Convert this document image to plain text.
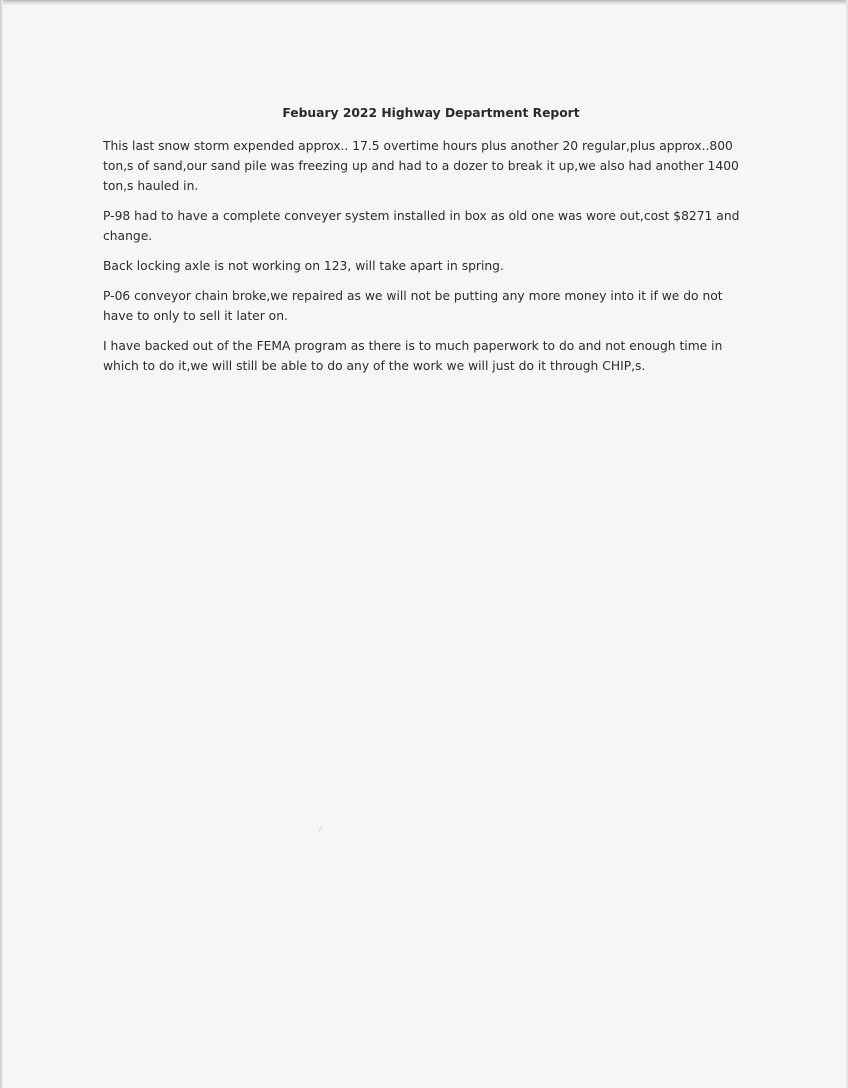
Febuary 2022 Highway Department Report

This last snow storm expended approx.. 17.5 overtime hours plus another 20 regular,plus approx..800 ton,s of sand,our sand pile was freezing up and had to a dozer to break it up,we also had another 1400 ton,s hauled in.

P-98 had to have a complete conveyer system installed in box as old one was wore out,cost $8271 and change.

Back locking axle is not working on 123, will take apart in spring.

P-06 conveyor chain broke,we repaired as we will not be putting any more money into it if we do not have to only to sell it later on.

I have backed out of the FEMA program as there is to much paperwork to do and not enough time in which to do it,we will still be able to do any of the work we will just do it through CHIP,s.
